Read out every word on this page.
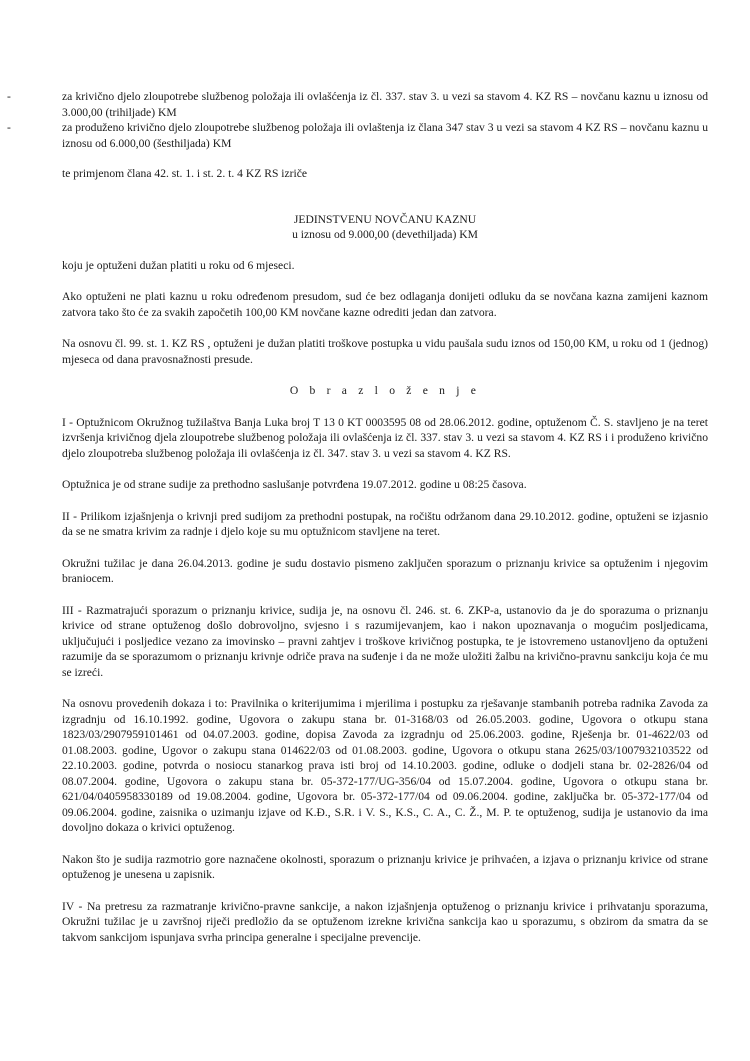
-	za krivično djelo zloupotrebe službenog položaja ili ovlašćenja iz čl. 337. stav 3. u vezi sa stavom 4. KZ RS – novčanu kaznu u iznosu od 3.000,00 (trihiljade) KM
-	za produženo krivično djelo zloupotrebe službenog položaja ili ovlaštenja iz člana 347 stav 3 u vezi sa stavom 4 KZ RS – novčanu kaznu u iznosu od 6.000,00 (šesthiljada) KM

te primjenom člana 42. st. 1. i st. 2. t. 4 KZ RS izriče

JEDINSTVENU NOVČANU KAZNU

u iznosu od 9.000,00 (devethiljada) KM

koju je optuženi dužan platiti u roku od 6 mjeseci.

Ako optuženi ne plati kaznu u roku određenom presudom, sud će bez odlaganja donijeti odluku da se novčana kazna zamijeni kaznom zatvora tako što će za svakih započetih 100,00 KM novčane kazne odrediti jedan dan zatvora.

Na osnovu čl. 99. st. 1. KZ RS , optuženi je dužan platiti troškove postupka u vidu paušala sudu iznos od 150,00 KM, u roku od 1 (jednog) mjeseca od dana pravosnažnosti presude.

O b r a z l o ž e n j e

I - Optužnicom Okružnog tužilaštva Banja Luka broj T 13 0 KT 0003595 08 od 28.06.2012. godine, optuženom Č. S. stavljeno je na teret izvršenja krivičnog djela zloupotrebe službenog položaja ili ovlašćenja iz čl. 337. stav 3. u vezi sa stavom 4. KZ RS i i produženo krivično djelo zloupotreba službenog položaja ili ovlašćenja iz čl. 347. stav 3. u vezi sa stavom 4. KZ RS.

Optužnica je od strane sudije za prethodno saslušanje potvrđena 19.07.2012. godine u 08:25 časova.

II - Prilikom izjašnjenja o krivnji pred sudijom za prethodni postupak, na ročištu održanom dana 29.10.2012. godine, optuženi se izjasnio da se ne smatra krivim za radnje i djelo koje su mu optužnicom stavljene na teret.

Okružni tužilac je dana 26.04.2013. godine je sudu dostavio pismeno zaključen sporazum o priznanju krivice sa optuženim i njegovim braniocem.

III - Razmatrajući sporazum o priznanju krivice, sudija je, na osnovu čl. 246. st. 6. ZKP-a, ustanovio da je do sporazuma o priznanju krivice od strane optuženog došlo dobrovoljno, svjesno i s razumijevanjem, kao i nakon upoznavanja o mogućim posljedicama, uključujući i posljedice vezano za imovinsko – pravni zahtjev i troškove krivičnog postupka, te je istovremeno ustanovljeno da optuženi razumije da se sporazumom o priznanju krivnje odriče prava na suđenje i da ne može uložiti žalbu na krivično-pravnu sankciju koja će mu se izreći.

Na osnovu provedenih dokaza i to: Pravilnika o kriterijumima i mjerilima i postupku za rješavanje stambanih potreba radnika Zavoda za izgradnju od 16.10.1992. godine, Ugovora o zakupu stana br. 01-3168/03 od 26.05.2003. godine, Ugovora o otkupu stana 1823/03/2907959101461 od 04.07.2003. godine, dopisa Zavoda za izgradnju od 25.06.2003. godine, Rješenja br. 01-4622/03 od 01.08.2003. godine, Ugovor o zakupu stana 014622/03 od 01.08.2003. godine, Ugovora o otkupu stana 2625/03/1007932103522 od 22.10.2003. godine, potvrda o nosiocu stanarkog prava isti broj od 14.10.2003. godine, odluke o dodjeli stana br. 02-2826/04 od 08.07.2004. godine, Ugovora o zakupu stana br. 05-372-177/UG-356/04 od 15.07.2004. godine, Ugovora o otkupu stana br. 621/04/0405958330189 od 19.08.2004. godine, Ugovora br. 05-372-177/04 od 09.06.2004. godine, zaključka br. 05-372-177/04 od 09.06.2004. godine, zaisnika o uzimanju izjave od K.Đ., S.R. i V. S., K.S., C. A., C. Ž., M. P. te optuženog, sudija je ustanovio da ima dovoljno dokaza o krivici optuženog.

Nakon što je sudija razmotrio gore naznačene okolnosti, sporazum o priznanju krivice je prihvaćen, a izjava o priznanju krivice od strane optuženog je unesena u zapisnik.

IV - Na pretresu za razmatranje krivično-pravne sankcije, a nakon izjašnjenja optuženog o priznanju krivice i prihvatanju sporazuma, Okružni tužilac je u završnoj riječi predložio da se optuženom izrekne krivična sankcija kao u sporazumu, s obzirom da smatra da se takvom sankcijom ispunjava svrha principa generalne i specijalne prevencije.
